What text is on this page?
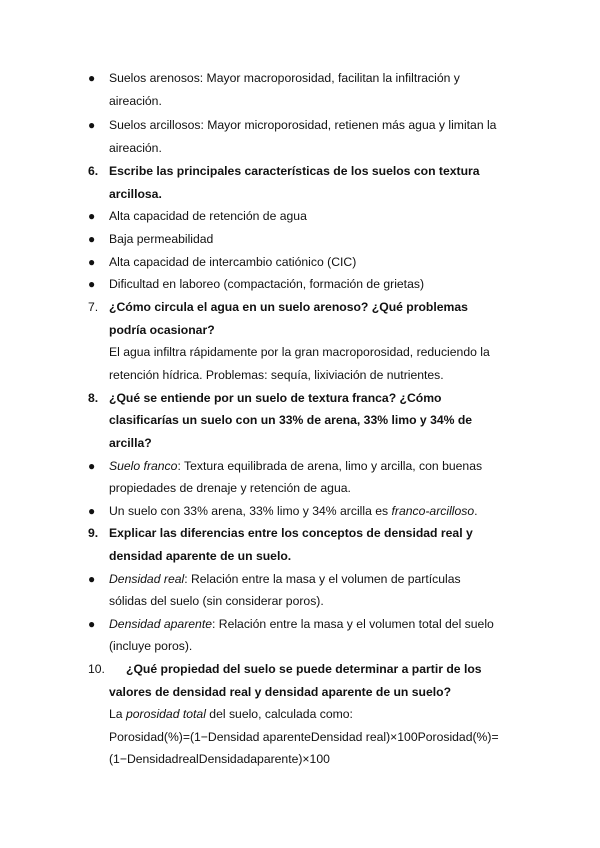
● Suelos arenosos: Mayor macroporosidad, facilitan la infiltración y
aireación.
● Suelos arcillosos: Mayor microporosidad, retienen más agua y limitan la
aireación.
6. Escribe las principales características de los suelos con textura
arcillosa.
● Alta capacidad de retención de agua
● Baja permeabilidad
● Alta capacidad de intercambio catiónico (CIC)
● Dificultad en laboreo (compactación, formación de grietas)
7. ¿Cómo circula el agua en un suelo arenoso? ¿Qué problemas
podría ocasionar?
El agua infiltra rápidamente por la gran macroporosidad, reduciendo la
retención hídrica. Problemas: sequía, lixiviación de nutrientes.
8. ¿Qué se entiende por un suelo de textura franca? ¿Cómo
clasificarías un suelo con un 33% de arena, 33% limo y 34% de
arcilla?
● Suelo franco: Textura equilibrada de arena, limo y arcilla, con buenas
propiedades de drenaje y retención de agua.
● Un suelo con 33% arena, 33% limo y 34% arcilla es franco-arcilloso.
9. Explicar las diferencias entre los conceptos de densidad real y
densidad aparente de un suelo.
● Densidad real: Relación entre la masa y el volumen de partículas
sólidas del suelo (sin considerar poros).
● Densidad aparente: Relación entre la masa y el volumen total del suelo
(incluye poros).
10. ¿Qué propiedad del suelo se puede determinar a partir de los
valores de densidad real y densidad aparente de un suelo?
La porosidad total del suelo, calculada como:
Porosidad(%)=(1−Densidad aparenteDensidad real)×100Porosidad(%)=
(1−DensidadrealDensidadaparente)×100
